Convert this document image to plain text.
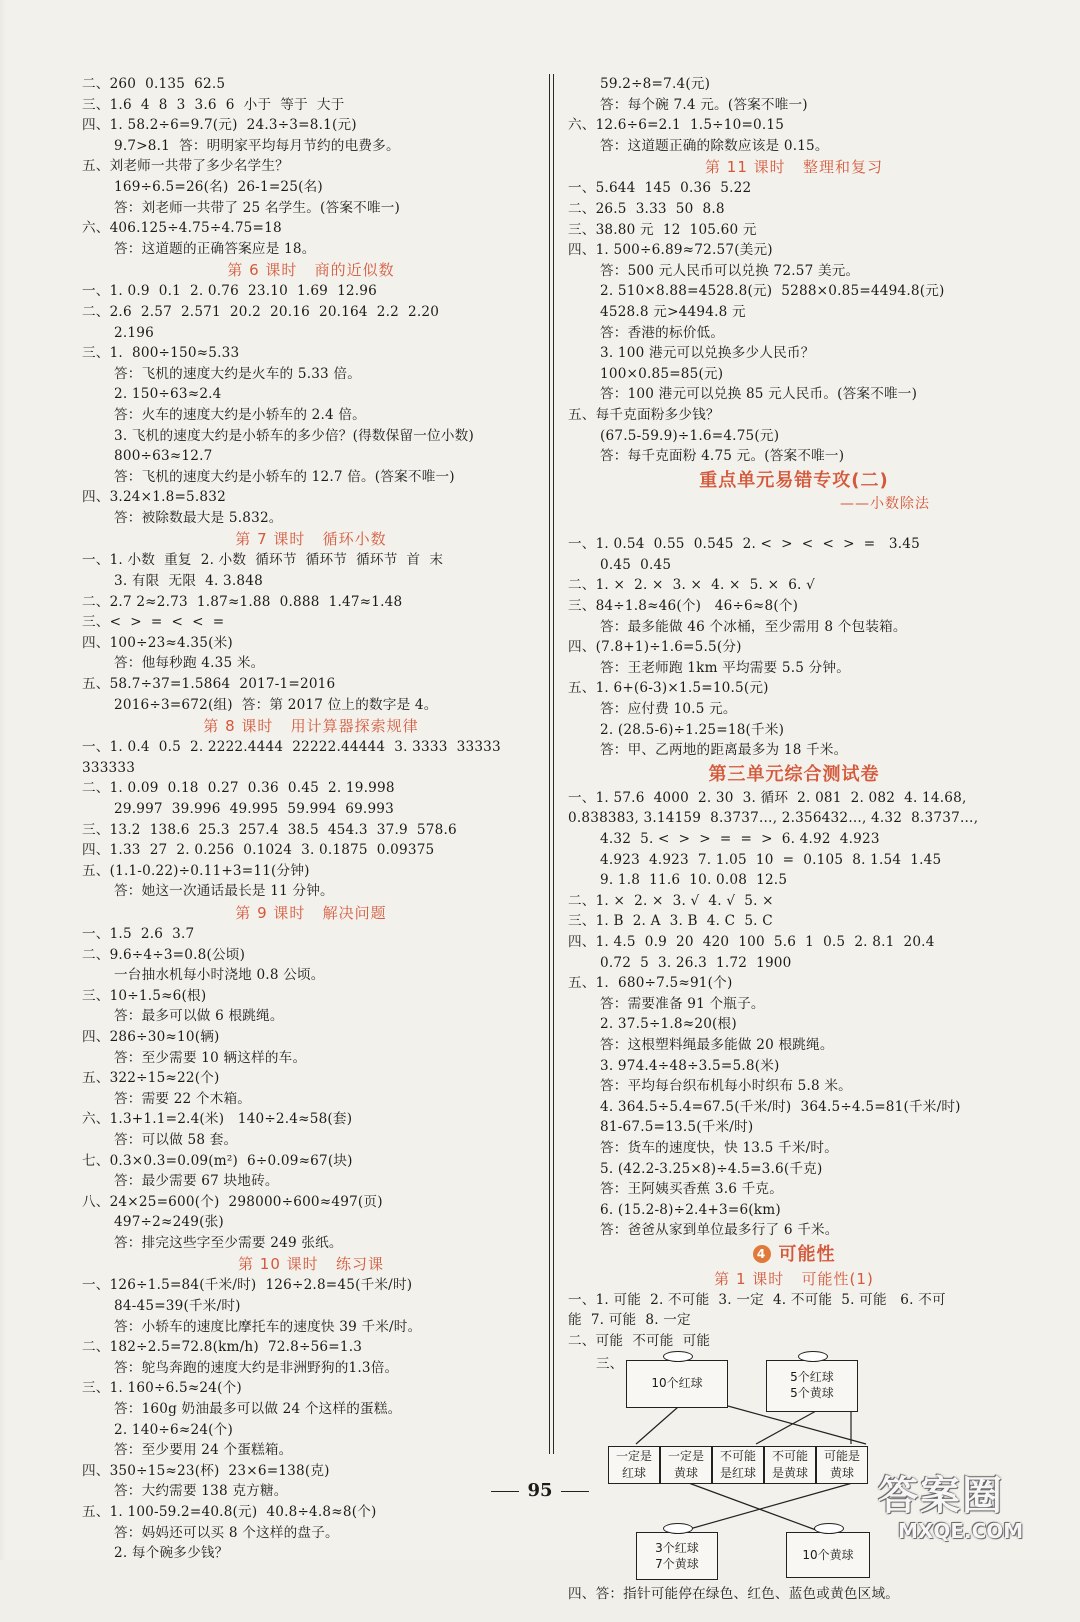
二、260  0.135  62.5
三、1.6  4  8  3  3.6  6  小于  等于  大于
四、1. 58.2÷6=9.7(元)  24.3÷3=8.1(元)
9.7>8.1  答：明明家平均每月节约的电费多。
五、刘老师一共带了多少名学生？
169÷6.5=26(名)  26-1=25(名)
答：刘老师一共带了 25 名学生。(答案不唯一)
六、406.125÷4.75÷4.75=18
答：这道题的正确答案应是 18。
第 6 课时   商的近似数
一、1. 0.9  0.1  2. 0.76  23.10  1.69  12.96
二、2.6  2.57  2.571  20.2  20.16  20.164  2.2  2.20
2.196
三、1.  800÷150≈5.33
答：飞机的速度大约是火车的 5.33 倍。
2. 150÷63≈2.4
答：火车的速度大约是小轿车的 2.4 倍。
3. 飞机的速度大约是小轿车的多少倍？(得数保留一位小数)
800÷63≈12.7
答：飞机的速度大约是小轿车的 12.7 倍。(答案不唯一)
四、3.24×1.8=5.832
答：被除数最大是 5.832。
第 7 课时   循环小数
一、1. 小数  重复  2. 小数  循环节  循环节  循环节  首  末
3. 有限  无限  4. 3.848
二、2.7 2≈2.73  1.87≈1.88  0.888  1.47≈1.48
三、<  >  =  <  <  =
四、100÷23≈4.35(米)
答：他每秒跑 4.35 米。
五、58.7÷37=1.5864  2017-1=2016
2016÷3=672(组)  答：第 2017 位上的数字是 4。
第 8 课时   用计算器探索规律
一、1. 0.4  0.5  2. 2222.4444  22222.44444  3. 3333  33333
333333
二、1. 0.09  0.18  0.27  0.36  0.45  2. 19.998
29.997  39.996  49.995  59.994  69.993
三、13.2  138.6  25.3  257.4  38.5  454.3  37.9  578.6
四、1.33  27  2. 0.256  0.1024  3. 0.1875  0.09375
五、(1.1-0.22)÷0.11+3=11(分钟)
答：她这一次通话最长是 11 分钟。
第 9 课时   解决问题
一、1.5  2.6  3.7
二、9.6÷4÷3=0.8(公顷)
一台抽水机每小时浇地 0.8 公顷。
三、10÷1.5≈6(根)
答：最多可以做 6 根跳绳。
四、286÷30≈10(辆)
答：至少需要 10 辆这样的车。
五、322÷15≈22(个)
答：需要 22 个木箱。
六、1.3+1.1=2.4(米)   140÷2.4≈58(套)
答：可以做 58 套。
七、0.3×0.3=0.09(m²)  6÷0.09≈67(块)
答：最少需要 67 块地砖。
八、24×25=600(个)  298000÷600≈497(页)
497÷2≈249(张)
答：排完这些字至少需要 249 张纸。
第 10 课时   练习课
一、126÷1.5=84(千米/时)  126÷2.8=45(千米/时)
84-45=39(千米/时)
答：小轿车的速度比摩托车的速度快 39 千米/时。
二、182÷2.5=72.8(km/h)  72.8÷56=1.3
答：鸵鸟奔跑的速度大约是非洲野狗的1.3倍。
三、1. 160÷6.5≈24(个)
答：160g 奶油最多可以做 24 个这样的蛋糕。
2. 140÷6≈24(个)
答：至少要用 24 个蛋糕箱。
四、350÷15≈23(杯)  23×6=138(克)
答：大约需要 138 克方糖。
五、1. 100-59.2=40.8(元)  40.8÷4.8≈8(个)
答：妈妈还可以买 8 个这样的盘子。
2. 每个碗多少钱？
59.2÷8=7.4(元)
答：每个碗 7.4 元。(答案不唯一)
六、12.6÷6=2.1  1.5÷10=0.15
答：这道题正确的除数应该是 0.15。
第 11 课时   整理和复习
一、5.644  145  0.36  5.22
二、26.5  3.33  50  8.8
三、38.80 元  12  105.60 元
四、1. 500÷6.89≈72.57(美元)
答：500 元人民币可以兑换 72.57 美元。
2. 510×8.88=4528.8(元)  5288×0.85=4494.8(元)
4528.8 元>4494.8 元
答：香港的标价低。
3. 100 港元可以兑换多少人民币？
100×0.85=85(元)
答：100 港元可以兑换 85 元人民币。(答案不唯一)
五、每千克面粉多少钱？
(67.5-59.9)÷1.6=4.75(元)
答：每千克面粉 4.75 元。(答案不唯一)
重点单元易错专攻(二)
——小数除法
一、1. 0.54  0.55  0.545  2. <  >  <  <  >  =   3.45
0.45  0.45
二、1. ×  2. ×  3. ×  4. ×  5. ×  6. √
三、84÷1.8≈46(个)   46÷6≈8(个)
答：最多能做 46 个冰桶，至少需用 8 个包装箱。
四、(7.8+1)÷1.6=5.5(分)
答：王老师跑 1km 平均需要 5.5 分钟。
五、1. 6+(6-3)×1.5=10.5(元)
答：应付费 10.5 元。
2. (28.5-6)÷1.25=18(千米)
答：甲、乙两地的距离最多为 18 千米。
第三单元综合测试卷
一、1. 57.6  4000  2. 30  3. 循环  2. 081  2. 082  4. 14.68,
0.838383, 3.14159  8.3737…, 2.356432…, 4.32  8.3737…,
4.32  5. <  >  >  =  =  >  6. 4.92  4.923
4.923  4.923  7. 1.05  10  =  0.105  8. 1.54  1.45
9. 1.8  11.6  10. 0.08  12.5
二、1. ×  2. ×  3. √  4. √  5. ×
三、1. B  2. A  3. B  4. C  5. C
四、1. 4.5  0.9  20  420  100  5.6  1  0.5  2. 8.1  20.4
0.72  5  3. 26.3  1.72  1900
五、1.  680÷7.5≈91(个)
答：需要准备 91 个瓶子。
2. 37.5÷1.8≈20(根)
答：这根塑料绳最多能做 20 根跳绳。
3. 974.4÷48÷3.5=5.8(米)
答：平均每台织布机每小时织布 5.8 米。
4. 364.5÷5.4=67.5(千米/时)  364.5÷4.5=81(千米/时)
81-67.5=13.5(千米/时)
答：货车的速度快，快 13.5 千米/时。
5. (42.2-3.25×8)÷4.5=3.6(千克)
答：王阿姨买香蕉 3.6 千克。
6. (15.2-8)÷2.4+3=6(km)
答：爸爸从家到单位最多行了 6 千米。
4 可能性
第 1 课时   可能性(1)
一、1. 可能  2. 不可能  3. 一定  4. 不可能  5. 可能   6. 不可
能  7. 可能  8. 一定
二、可能  不可能  可能
三、
10个红球	5个红球
5个黄球
一定是
红球
一定是
黄球
不可能
是红球
不可能
是黄球
可能是
黄球
3个红球
7个黄球
10个黄球
四、答：指针可能停在绿色、红色、蓝色或黄色区域。
95	答案圈
MXQE.COM
